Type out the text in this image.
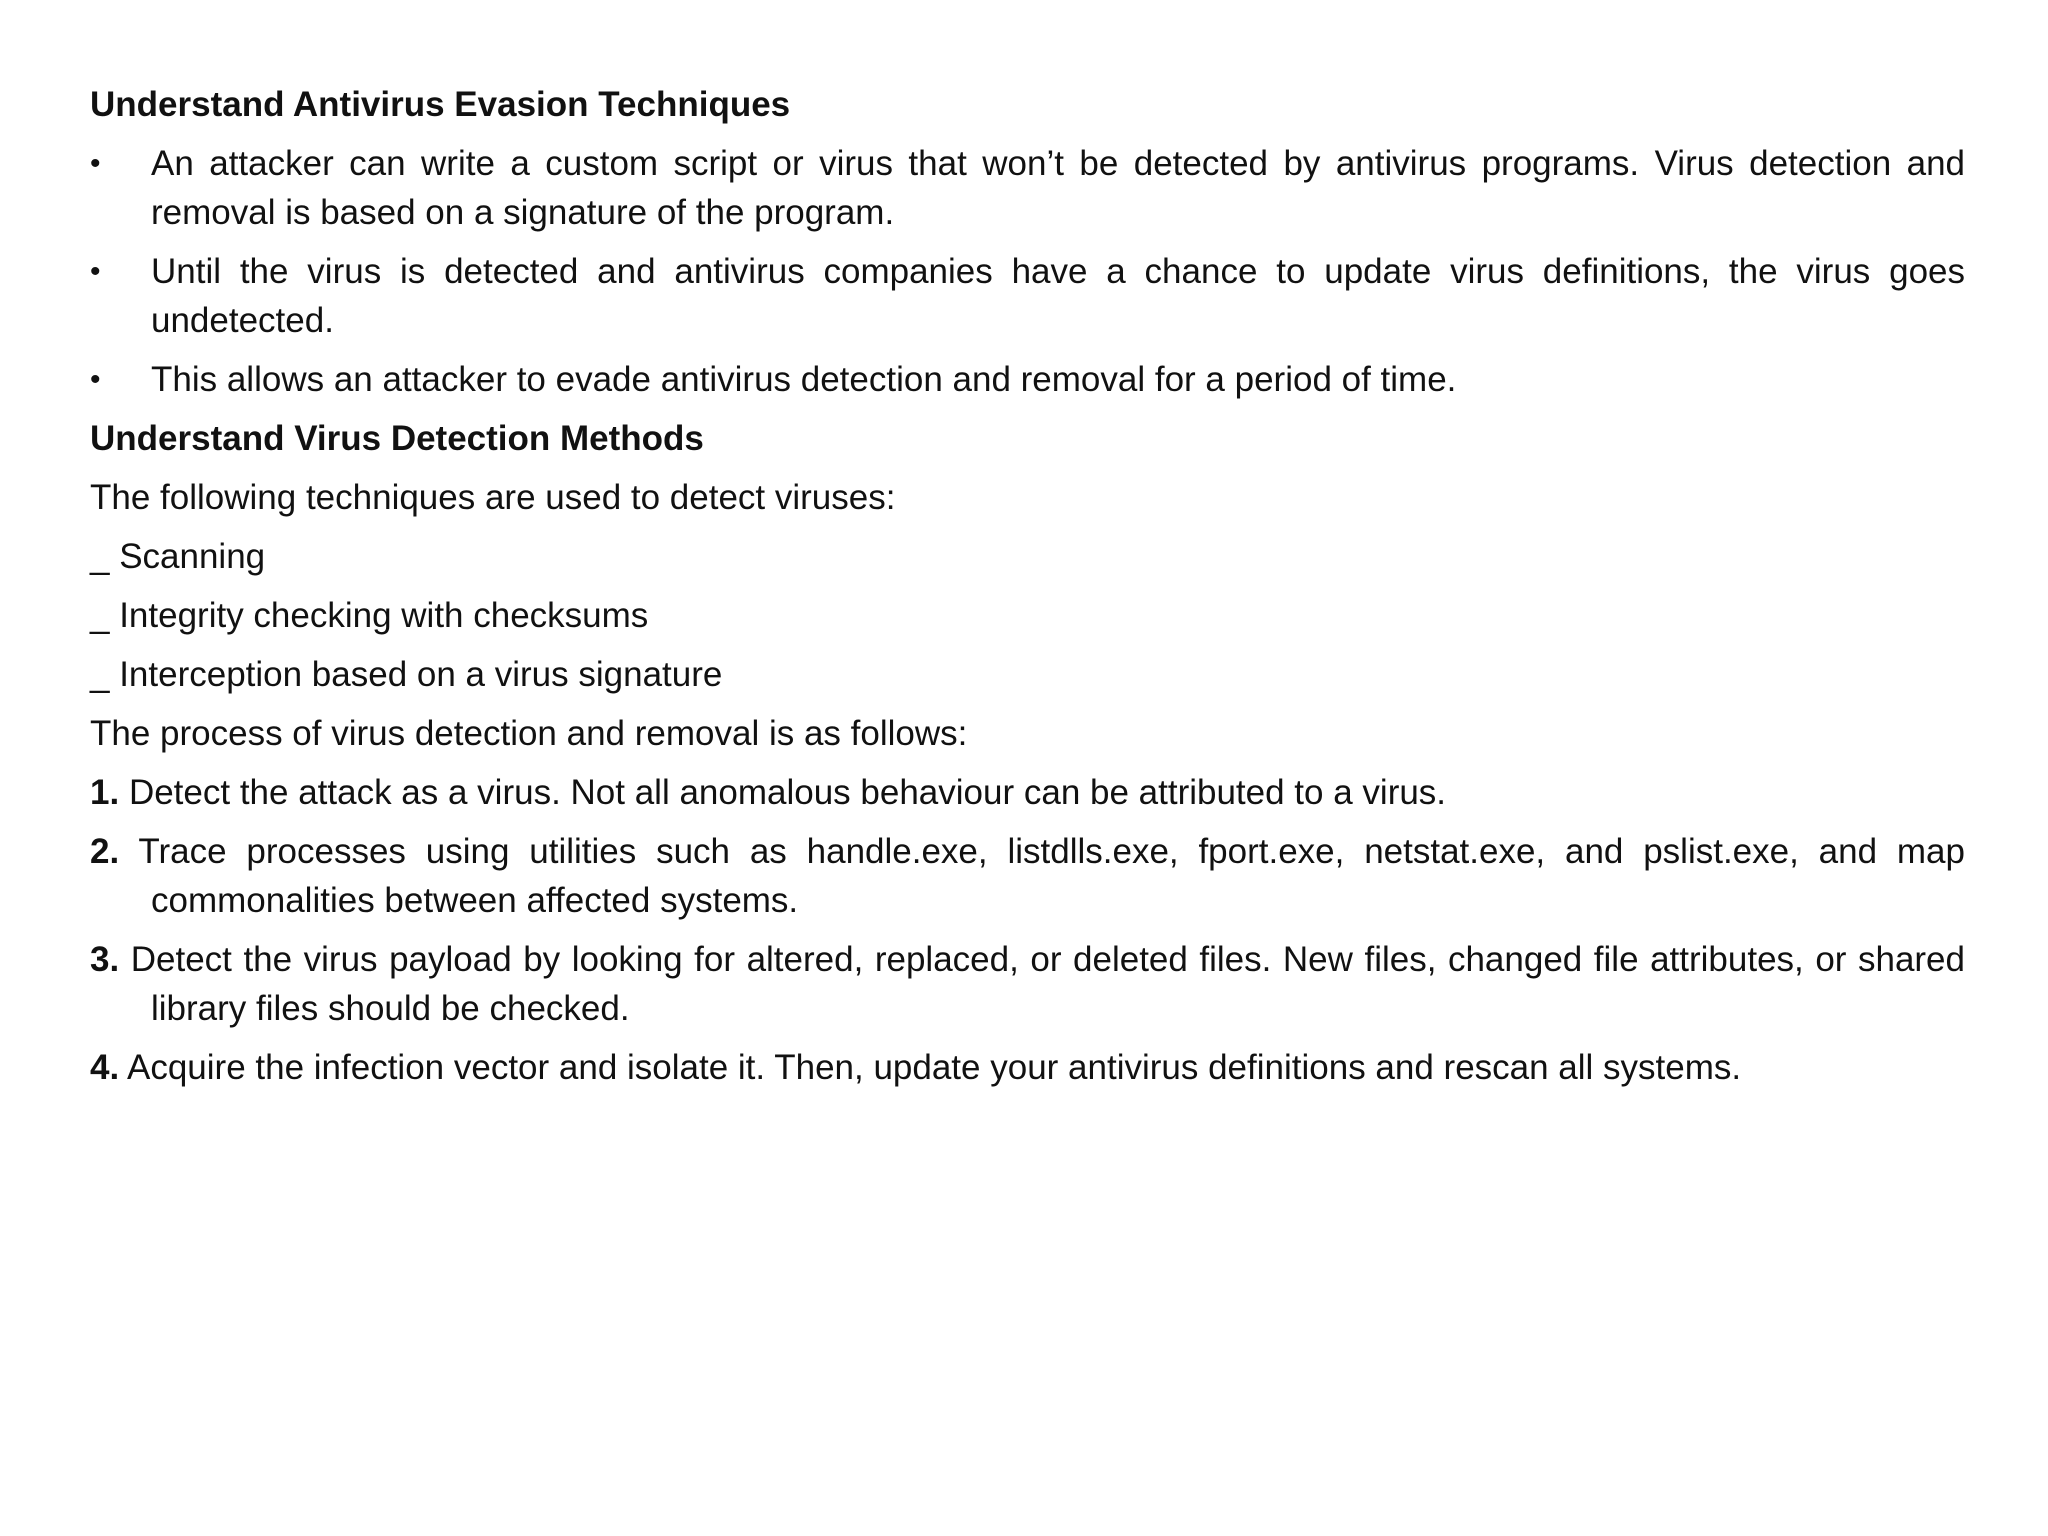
Understand Antivirus Evasion Techniques
• An attacker can write a custom script or virus that won’t be detected by antivirus programs. Virus detection and removal is based on a signature of the program.
• Until the virus is detected and antivirus companies have a chance to update virus definitions, the virus goes undetected.
• This allows an attacker to evade antivirus detection and removal for a period of time.
Understand Virus Detection Methods
The following techniques are used to detect viruses:
_ Scanning
_ Integrity checking with checksums
_ Interception based on a virus signature
The process of virus detection and removal is as follows:
1. Detect the attack as a virus. Not all anomalous behaviour can be attributed to a virus.
2. Trace processes using utilities such as handle.exe, listdlls.exe, fport.exe, netstat.exe, and pslist.exe, and map commonalities between affected systems.
3. Detect the virus payload by looking for altered, replaced, or deleted files. New files, changed file attributes, or shared library files should be checked.
4. Acquire the infection vector and isolate it. Then, update your antivirus definitions and rescan all systems.
